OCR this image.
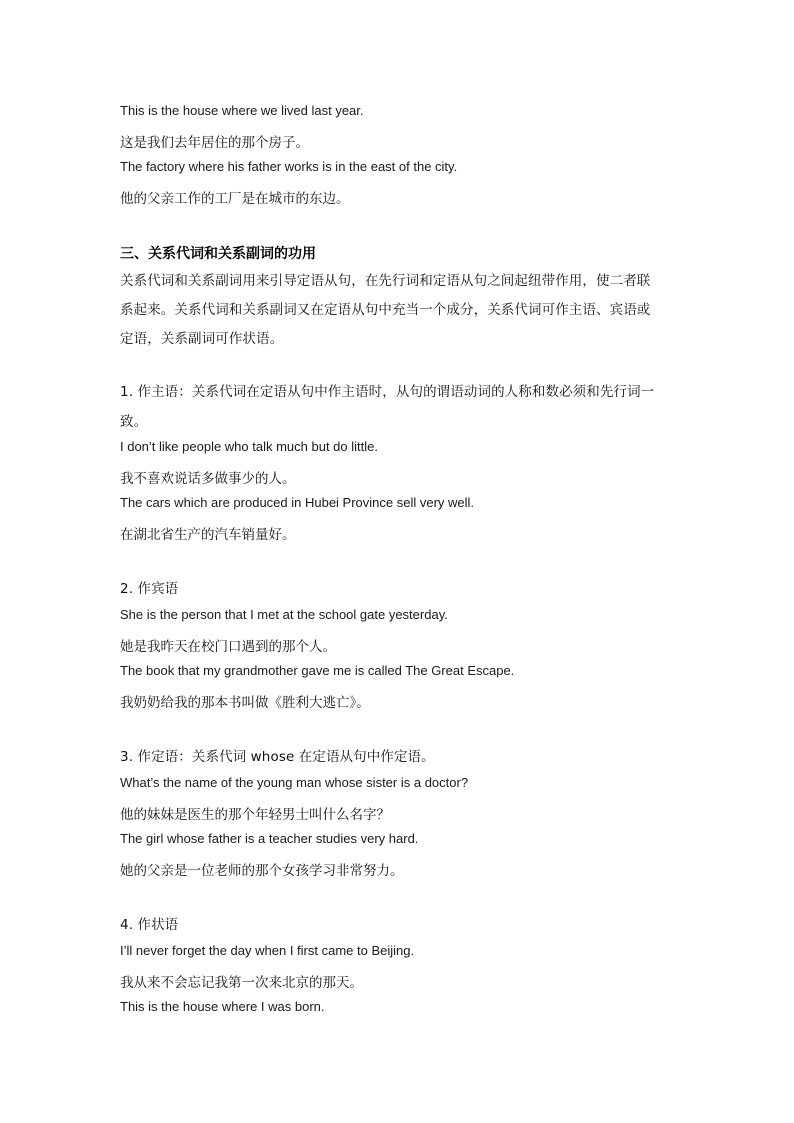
This is the house where we lived last year.
这是我们去年居住的那个房子。
The factory where his father works is in the east of the city.
他的父亲工作的工厂是在城市的东边。
三、关系代词和关系副词的功用
关系代词和关系副词用来引导定语从句，在先行词和定语从句之间起纽带作用，使二者联
系起来。关系代词和关系副词又在定语从句中充当一个成分，关系代词可作主语、宾语或
定语，关系副词可作状语。
1. 作主语：关系代词在定语从句中作主语时，从句的谓语动词的人称和数必须和先行词一
致。
I don’t like people who talk much but do little.
我不喜欢说话多做事少的人。
The cars which are produced in Hubei Province sell very well.
在湖北省生产的汽车销量好。
2. 作宾语
She is the person that I met at the school gate yesterday.
她是我昨天在校门口遇到的那个人。
The book that my grandmother gave me is called The Great Escape.
我奶奶给我的那本书叫做《胜利大逃亡》。
3. 作定语：关系代词 whose 在定语从句中作定语。
What’s the name of the young man whose sister is a doctor?
他的妹妹是医生的那个年轻男士叫什么名字？
The girl whose father is a teacher studies very hard.
她的父亲是一位老师的那个女孩学习非常努力。
4. 作状语
I’ll never forget the day when I first came to Beijing.
我从来不会忘记我第一次来北京的那天。
This is the house where I was born.
